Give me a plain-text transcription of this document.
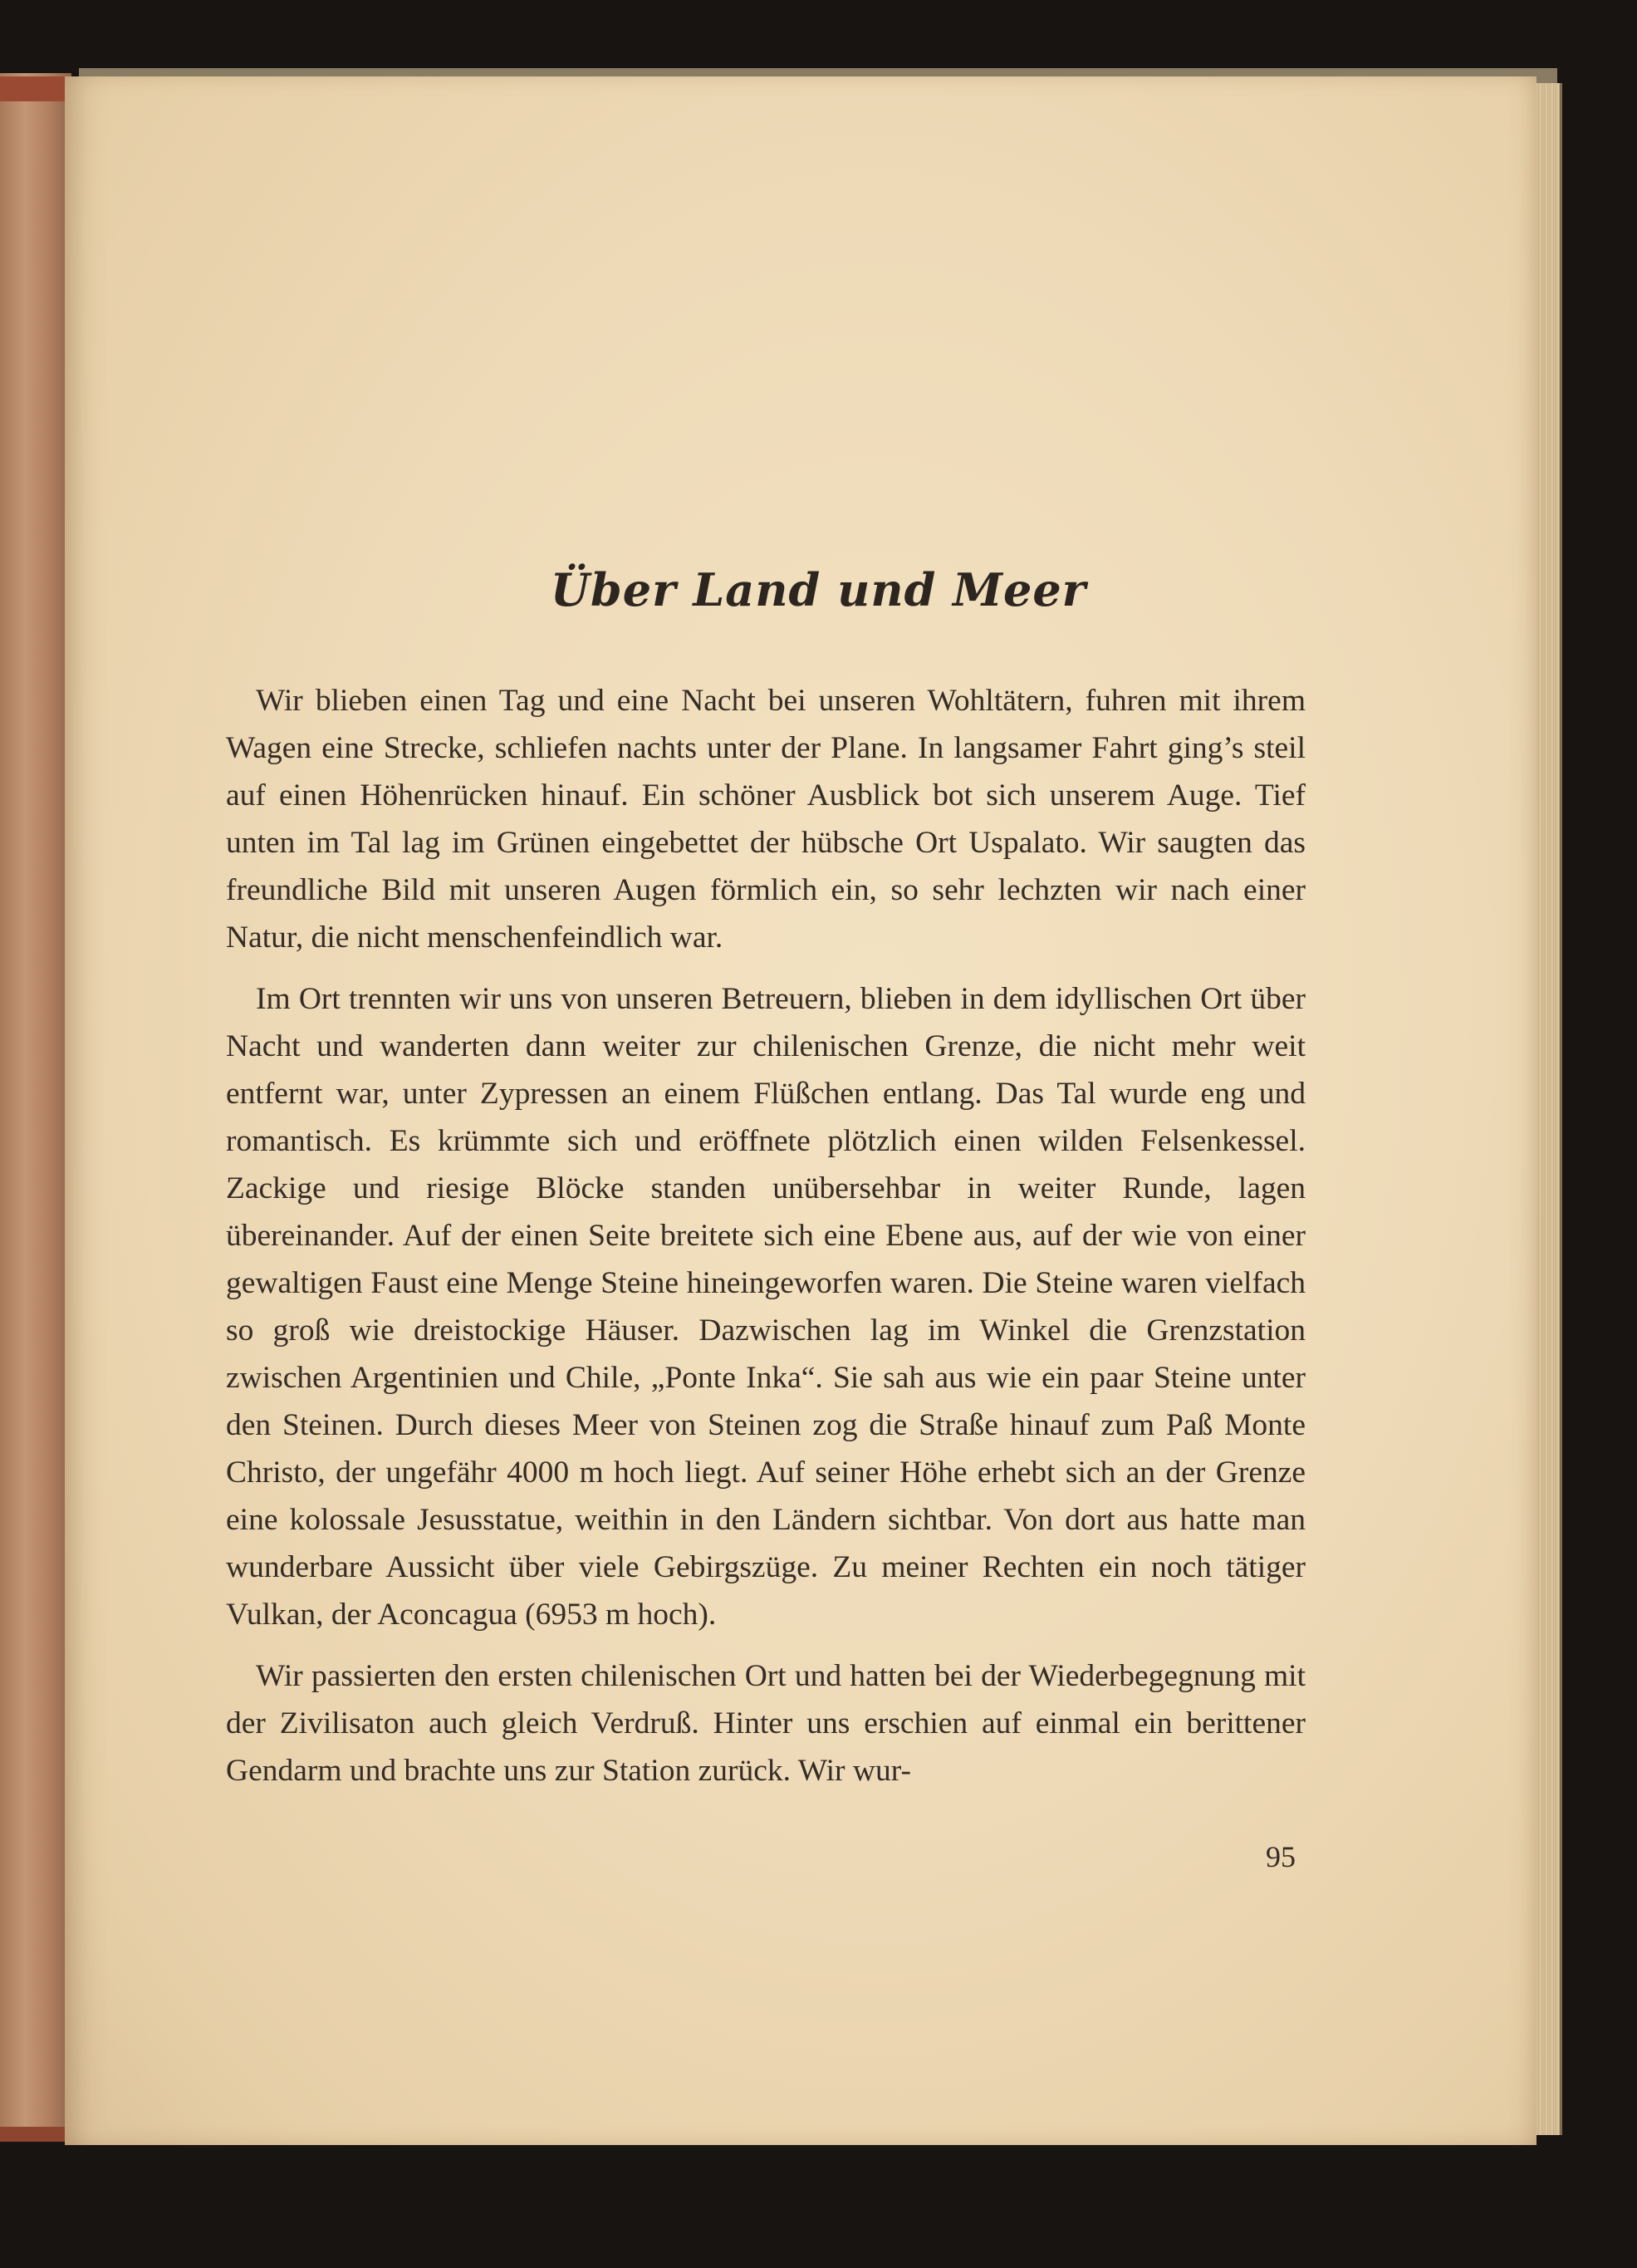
Über Land und Meer

Wir blieben einen Tag und eine Nacht bei unseren Wohltätern, fuhren mit ihrem Wagen eine Strecke, schliefen nachts unter der Plane. In langsamer Fahrt ging’s steil auf einen Höhenrücken hinauf. Ein schöner Ausblick bot sich unserem Auge. Tief unten im Tal lag im Grünen eingebettet der hübsche Ort Uspalato. Wir saugten das freundliche Bild mit unseren Augen förmlich ein, so sehr lechzten wir nach einer Natur, die nicht menschenfeindlich war.

Im Ort trennten wir uns von unseren Betreuern, blieben in dem idyllischen Ort über Nacht und wanderten dann weiter zur chilenischen Grenze, die nicht mehr weit entfernt war, unter Zypressen an einem Flüßchen entlang. Das Tal wurde eng und romantisch. Es krümmte sich und eröffnete plötzlich einen wilden Felsenkessel. Zackige und riesige Blöcke standen unübersehbar in weiter Runde, lagen übereinander. Auf der einen Seite breitete sich eine Ebene aus, auf der wie von einer gewaltigen Faust eine Menge Steine hineingeworfen waren. Die Steine waren vielfach so groß wie dreistockige Häuser. Dazwischen lag im Winkel die Grenzstation zwischen Argentinien und Chile, „Ponte Inka“. Sie sah aus wie ein paar Steine unter den Steinen. Durch dieses Meer von Steinen zog die Straße hinauf zum Paß Monte Christo, der ungefähr 4000 m hoch liegt. Auf seiner Höhe erhebt sich an der Grenze eine kolossale Jesusstatue, weithin in den Ländern sichtbar. Von dort aus hatte man wunderbare Aussicht über viele Gebirgszüge. Zu meiner Rechten ein noch tätiger Vulkan, der Aconcagua (6953 m hoch).

Wir passierten den ersten chilenischen Ort und hatten bei der Wiederbegegnung mit der Zivilisaton auch gleich Verdruß. Hinter uns erschien auf einmal ein berittener Gendarm und brachte uns zur Station zurück. Wir wur-

95
